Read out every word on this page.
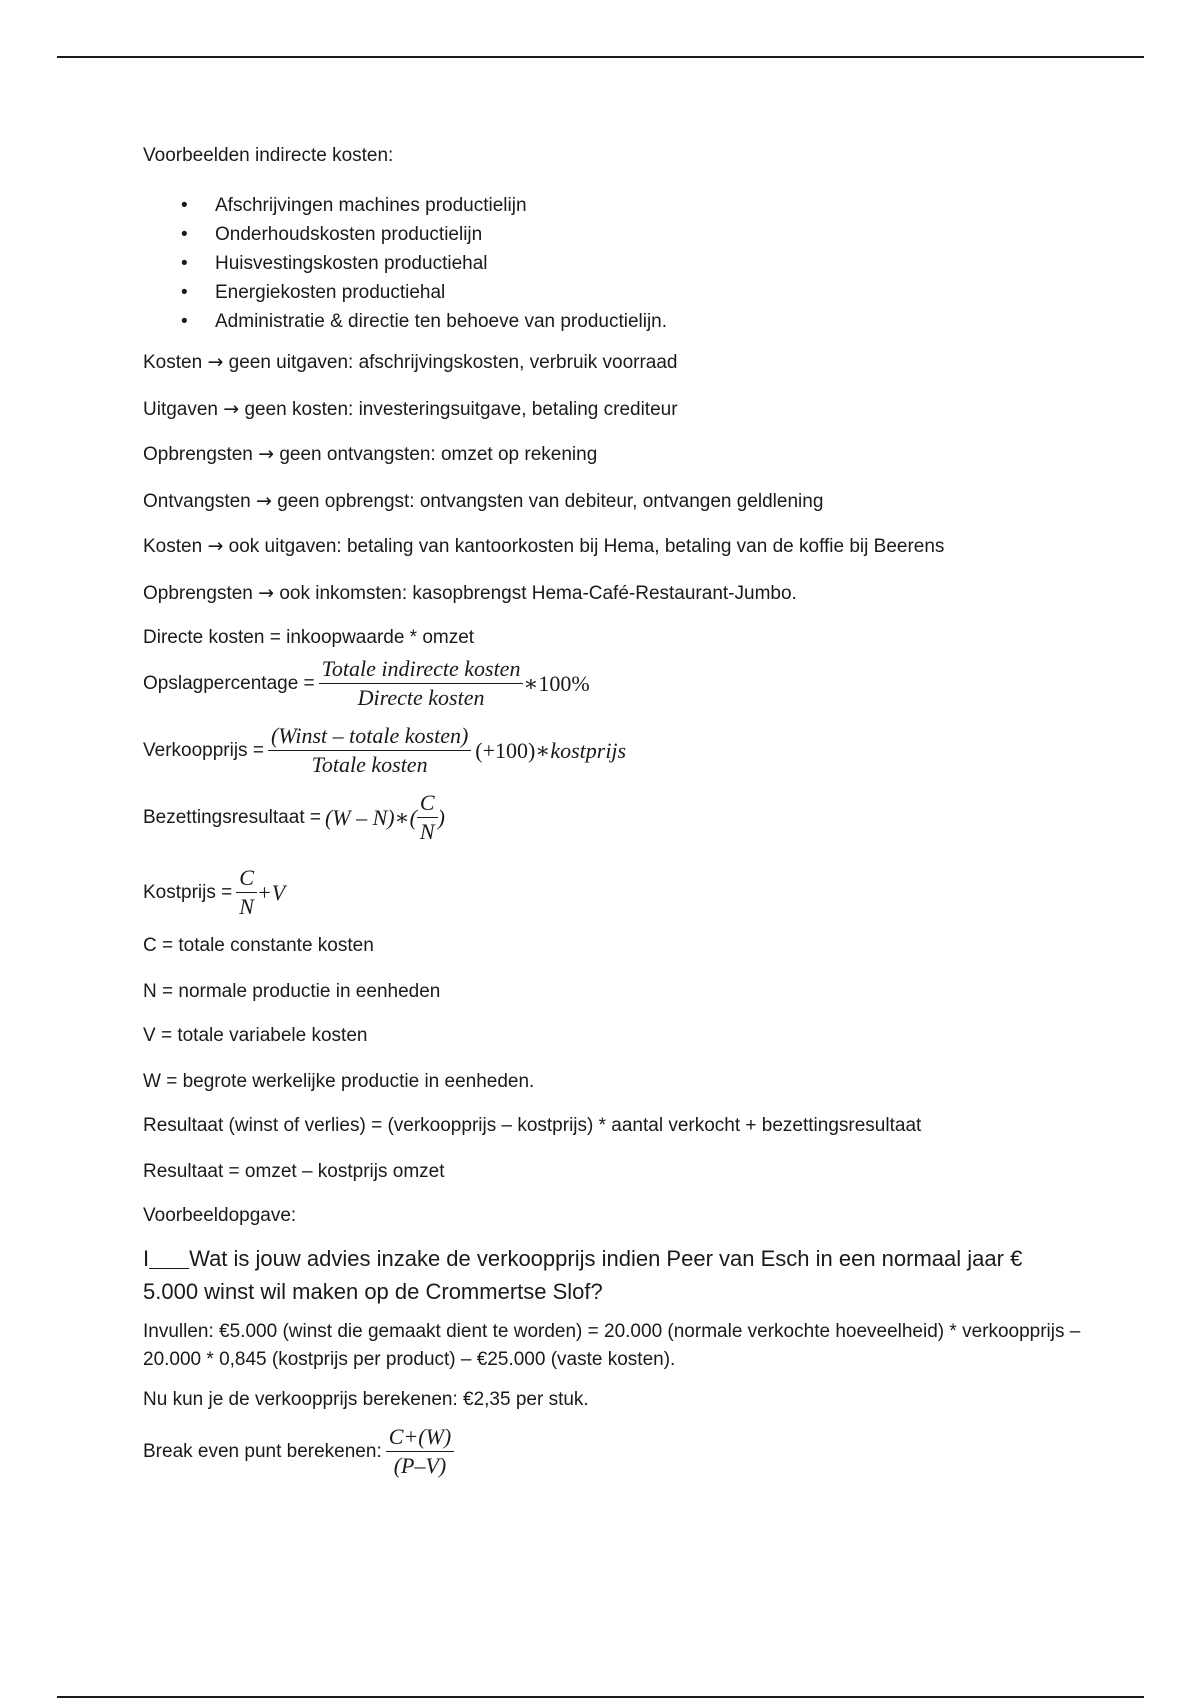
Voorbeelden indirecte kosten:

• Afschrijvingen machines productielijn
• Onderhoudskosten productielijn
• Huisvestingskosten productiehal
• Energiekosten productiehal
• Administratie & directie ten behoeve van productielijn.

Kosten → geen uitgaven: afschrijvingskosten, verbruik voorraad

Uitgaven → geen kosten: investeringsuitgave, betaling crediteur

Opbrengsten → geen ontvangsten: omzet op rekening

Ontvangsten → geen opbrengst: ontvangsten van debiteur, ontvangen geldlening

Kosten → ook uitgaven: betaling van kantoorkosten bij Hema, betaling van de koffie bij Beerens

Opbrengsten → ook inkomsten: kasopbrengst Hema-Café-Restaurant-Jumbo.

Directe kosten = inkoopwaarde * omzet

Opslagpercentage = $\frac{\text{Totale indirecte kosten}}{\text{Directe kosten}}$ ∗100%
Verkoopprijs = $\frac{\text{(Winst – totale kosten)}}{\text{Totale kosten}} (+100)$ ∗kostprijs
Bezettingsresultaat = (W – N)∗( $\frac{C}{N}$ )
Kostprijs = $\frac{C}{N} +V$

C = totale constante kosten

N = normale productie in eenheden

V = totale variabele kosten

W = begrote werkelijke productie in eenheden.

Resultaat (winst of verlies) = (verkoopprijs – kostprijs) * aantal verkocht + bezettingsresultaat

Resultaat = omzet – kostprijs omzet

Voorbeeldopgave:

I Wat is jouw advies inzake de verkoopprijs indien Peer van Esch in een normaal jaar € 5.000 winst wil maken op de Crommertse Slof?

Invullen: €5.000 (winst die gemaakt dient te worden) = 20.000 (normale verkochte hoeveelheid) * verkoopprijs – 20.000 * 0,845 (kostprijs per product) – €25.000 (vaste kosten).

Nu kun je de verkoopprijs berekenen: €2,35 per stuk.

Break even punt berekenen: $\frac{C+(W)}{(P-V)}$
